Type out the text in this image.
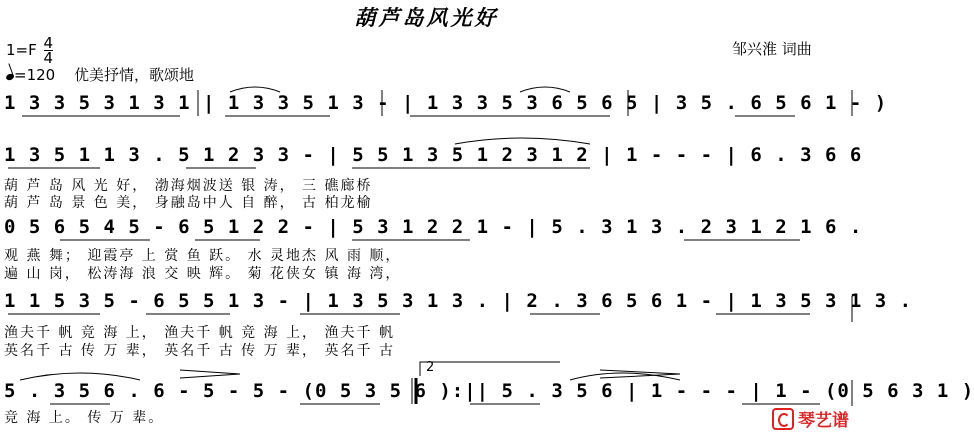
葫芦岛风光好
$1=F \frac{4}{4}$	邹兴淮 词曲
=120 优美抒情，歌颂地
1 3 3 5 3 1 3 1 | 1 3 3 5 1 3 - | 1 3 3 5 3 6 5 6 5 | 3 5 . 6 5 6 1 - )
1 3 5 1 1 3 . 5 1 2 3 3 - | 5 5 1 3 5 1 2 3 1 2 | 1 - - - | 6 . 3 6 6
葫 芦 岛 风 光 好， 渤海烟波送 银 涛， 三 礁廊桥
葫 芦 岛 景 色 美， 身融岛中人 自 醉， 古 柏龙榆
0 5 6 5 4 5 - 6 5 1 2 2 - | 5 3 1 2 2 1 - | 5 . 3 1 3 . 2 3 1 2 1 6 .
观 燕 舞； 迎霞亭 上 赏 鱼 跃。 水 灵地杰 风 雨 顺，
遍 山 岗， 松涛海 浪 交 映 辉。 菊 花侠女 镇 海 湾，
1 1 5 3 5 - 6 5 5 1 3 - | 1 3 5 3 1 3 . | 2 . 3 6 5 6 1 - | 1 3 5 3 1 3 .
渔夫千 帆 竞 海 上， 渔夫千 帆 竞 海 上， 渔夫千 帆
英名千 古 传 万 辈， 英名千 古 传 万 辈， 英名千 古
5 . 3 5 6 . 6 - 5 - 5 - (0 5 3 5 6 ):|| 5 . 3 5 6 | 1 - - - | 1 - (0 5 6 3 1 )
竞 海 上。 传 万 辈。
2
琴艺谱
